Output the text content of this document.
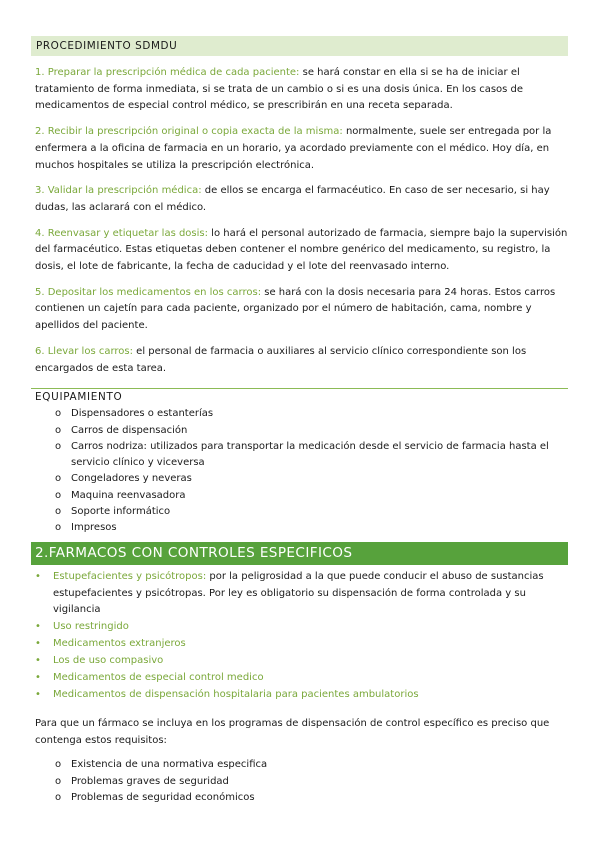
PROCEDIMIENTO SDMDU

1. Preparar la prescripción médica de cada paciente: se hará constar en ella si se ha de iniciar el tratamiento de forma inmediata, si se trata de un cambio o si es una dosis única. En los casos de medicamentos de especial control médico, se prescribirán en una receta separada.

2. Recibir la prescripción original o copia exacta de la misma: normalmente, suele ser entregada por la enfermera a la oficina de farmacia en un horario, ya acordado previamente con el médico. Hoy día, en muchos hospitales se utiliza la prescripción electrónica.

3. Validar la prescripción médica: de ellos se encarga el farmacéutico. En caso de ser necesario, si hay dudas, las aclarará con el médico.

4. Reenvasar y etiquetar las dosis: lo hará el personal autorizado de farmacia, siempre bajo la supervisión del farmacéutico. Estas etiquetas deben contener el nombre genérico del medicamento, su registro, la dosis, el lote de fabricante, la fecha de caducidad y el lote del reenvasado interno.

5. Depositar los medicamentos en los carros: se hará con la dosis necesaria para 24 horas. Estos carros contienen un cajetín para cada paciente, organizado por el número de habitación, cama, nombre y apellidos del paciente.

6. Llevar los carros: el personal de farmacia o auxiliares al servicio clínico correspondiente son los encargados de esta tarea.

EQUIPAMIENTO
o Dispensadores o estanterías
o Carros de dispensación
o Carros nodriza: utilizados para transportar la medicación desde el servicio de farmacia hasta el servicio clínico y viceversa
o Congeladores y neveras
o Maquina reenvasadora
o Soporte informático
o Impresos
2.FARMACOS CON CONTROLES ESPECIFICOS
• Estupefacientes y psicótropos: por la peligrosidad a la que puede conducir el abuso de sustancias estupefacientes y psicótropas. Por ley es obligatorio su dispensación de forma controlada y su vigilancia
• Uso restringido
• Medicamentos extranjeros
• Los de uso compasivo
• Medicamentos de especial control medico
• Medicamentos de dispensación hospitalaria para pacientes ambulatorios

Para que un fármaco se incluya en los programas de dispensación de control específico es preciso que contenga estos requisitos:

o Existencia de una normativa especifica
o Problemas graves de seguridad
o Problemas de seguridad económicos
